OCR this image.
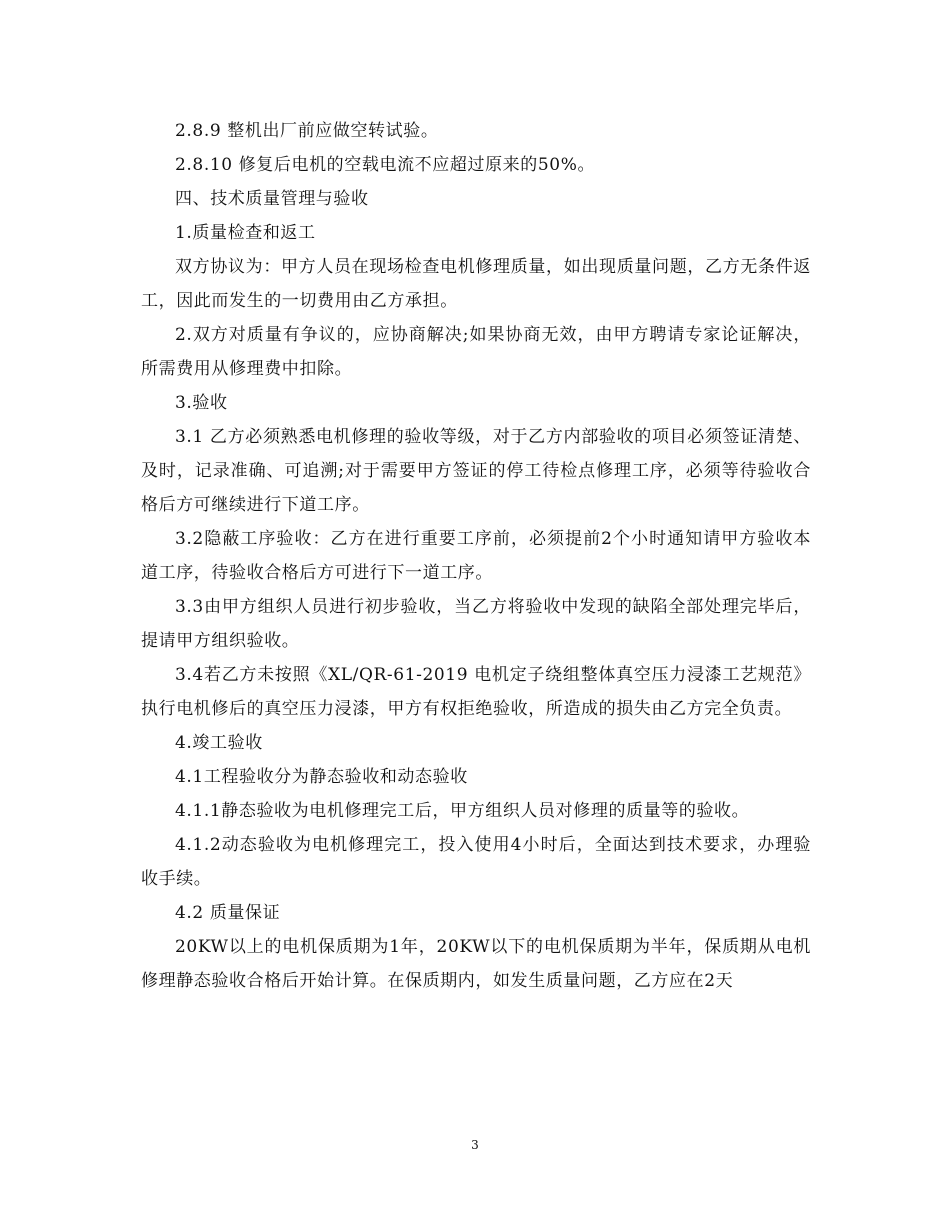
2.8.9 整机出厂前应做空转试验。

2.8.10 修复后电机的空载电流不应超过原来的50%。

四、技术质量管理与验收

1.质量检查和返工

双方协议为：甲方人员在现场检查电机修理质量，如出现质量问题，乙方无条件返工，因此而发生的一切费用由乙方承担。

2.双方对质量有争议的，应协商解决;如果协商无效，由甲方聘请专家论证解决，所需费用从修理费中扣除。

3.验收

3.1 乙方必须熟悉电机修理的验收等级，对于乙方内部验收的项目必须签证清楚、及时，记录准确、可追溯;对于需要甲方签证的停工待检点修理工序，必须等待验收合格后方可继续进行下道工序。

3.2隐蔽工序验收：乙方在进行重要工序前，必须提前2个小时通知请甲方验收本道工序，待验收合格后方可进行下一道工序。

3.3由甲方组织人员进行初步验收，当乙方将验收中发现的缺陷全部处理完毕后，提请甲方组织验收。

3.4若乙方未按照《XL/QR-61-2019 电机定子绕组整体真空压力浸漆工艺规范》执行电机修后的真空压力浸漆，甲方有权拒绝验收，所造成的损失由乙方完全负责。

4.竣工验收

4.1工程验收分为静态验收和动态验收

4.1.1静态验收为电机修理完工后，甲方组织人员对修理的质量等的验收。

4.1.2动态验收为电机修理完工，投入使用4小时后，全面达到技术要求，办理验收手续。

4.2 质量保证

20KW以上的电机保质期为1年，20KW以下的电机保质期为半年，保质期从电机修理静态验收合格后开始计算。在保质期内，如发生质量问题，乙方应在2天

3
